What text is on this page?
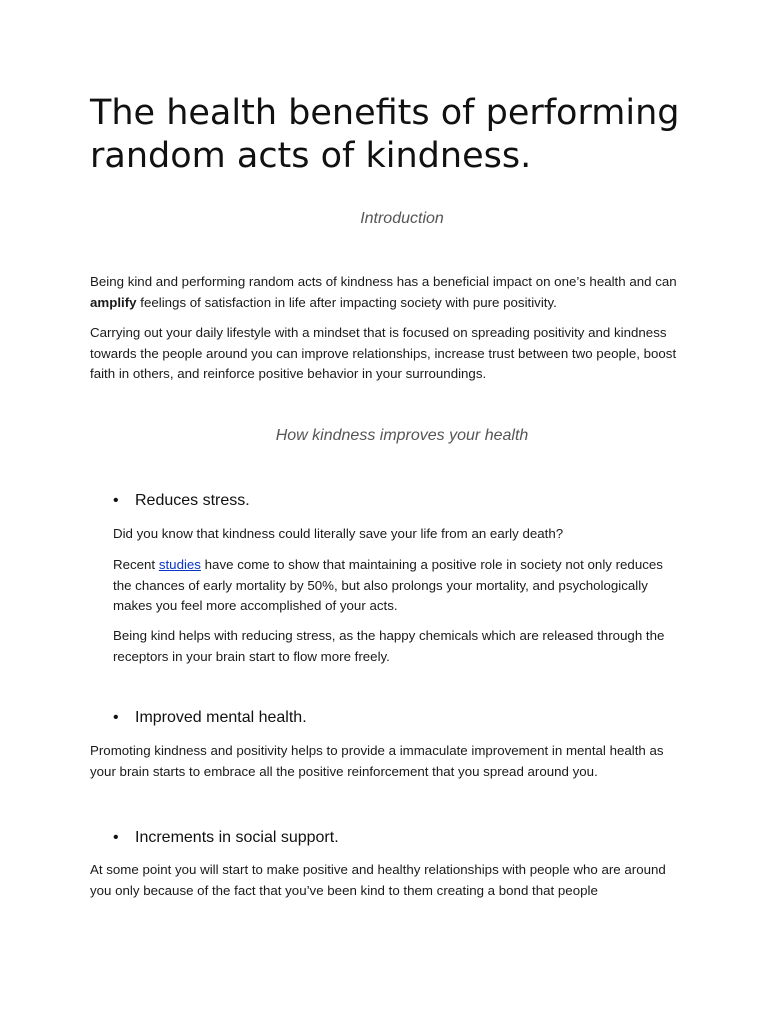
The health benefits of performing random acts of kindness.
Introduction

Being kind and performing random acts of kindness has a beneficial impact on one’s health and can amplify feelings of satisfaction in life after impacting society with pure positivity.

Carrying out your daily lifestyle with a mindset that is focused on spreading positivity and kindness towards the people around you can improve relationships, increase trust between two people, boost faith in others, and reinforce positive behavior in your surroundings.

How kindness improves your health
• Reduces stress.

Did you know that kindness could literally save your life from an early death?

Recent studies have come to show that maintaining a positive role in society not only reduces the chances of early mortality by 50%, but also prolongs your mortality, and psychologically makes you feel more accomplished of your acts.

Being kind helps with reducing stress, as the happy chemicals which are released through the receptors in your brain start to flow more freely.

• Improved mental health.

Promoting kindness and positivity helps to provide a immaculate improvement in mental health as your brain starts to embrace all the positive reinforcement that you spread around you.

• Increments in social support.

At some point you will start to make positive and healthy relationships with people who are around you only because of the fact that you’ve been kind to them creating a bond that people
